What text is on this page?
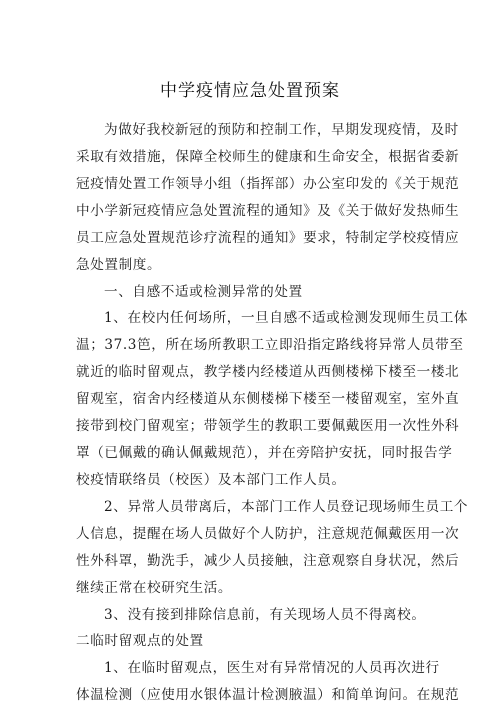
中学疫情应急处置预案
为做好我校新冠的预防和控制工作，早期发现疫情，及时
采取有效措施，保障全校师生的健康和生命安全，根据省委新
冠疫情处置工作领导小组（指挥部）办公室印发的《关于规范
中小学新冠疫情应急处置流程的通知》及《关于做好发热师生
员工应急处置规范诊疗流程的通知》要求，特制定学校疫情应
急处置制度。
一、自感不适或检测异常的处置
1、在校内任何场所，一旦自感不适或检测发现师生员工体
温；37.3笆，所在场所教职工立即沿指定路线将异常人员带至
就近的临时留观点，教学楼内经楼道从西侧楼梯下楼至一楼北
留观室，宿舍内经楼道从东侧楼梯下楼至一楼留观室，室外直
接带到校门留观室；带领学生的教职工要佩戴医用一次性外科
罩（已佩戴的确认佩戴规范），并在旁陪护安抚，同时报告学
校疫情联络员（校医）及本部门工作人员。
2、异常人员带离后，本部门工作人员登记现场师生员工个
人信息，提醒在场人员做好个人防护，注意规范佩戴医用一次
性外科罩，勤洗手，减少人员接触，注意观察自身状况，然后
继续正常在校研究生活。
3、没有接到排除信息前，有关现场人员不得离校。
二临时留观点的处置
1、在临时留观点，医生对有异常情况的人员再次进行
体温检测（应使用水银体温计检测腋温）和简单询问。在规范
